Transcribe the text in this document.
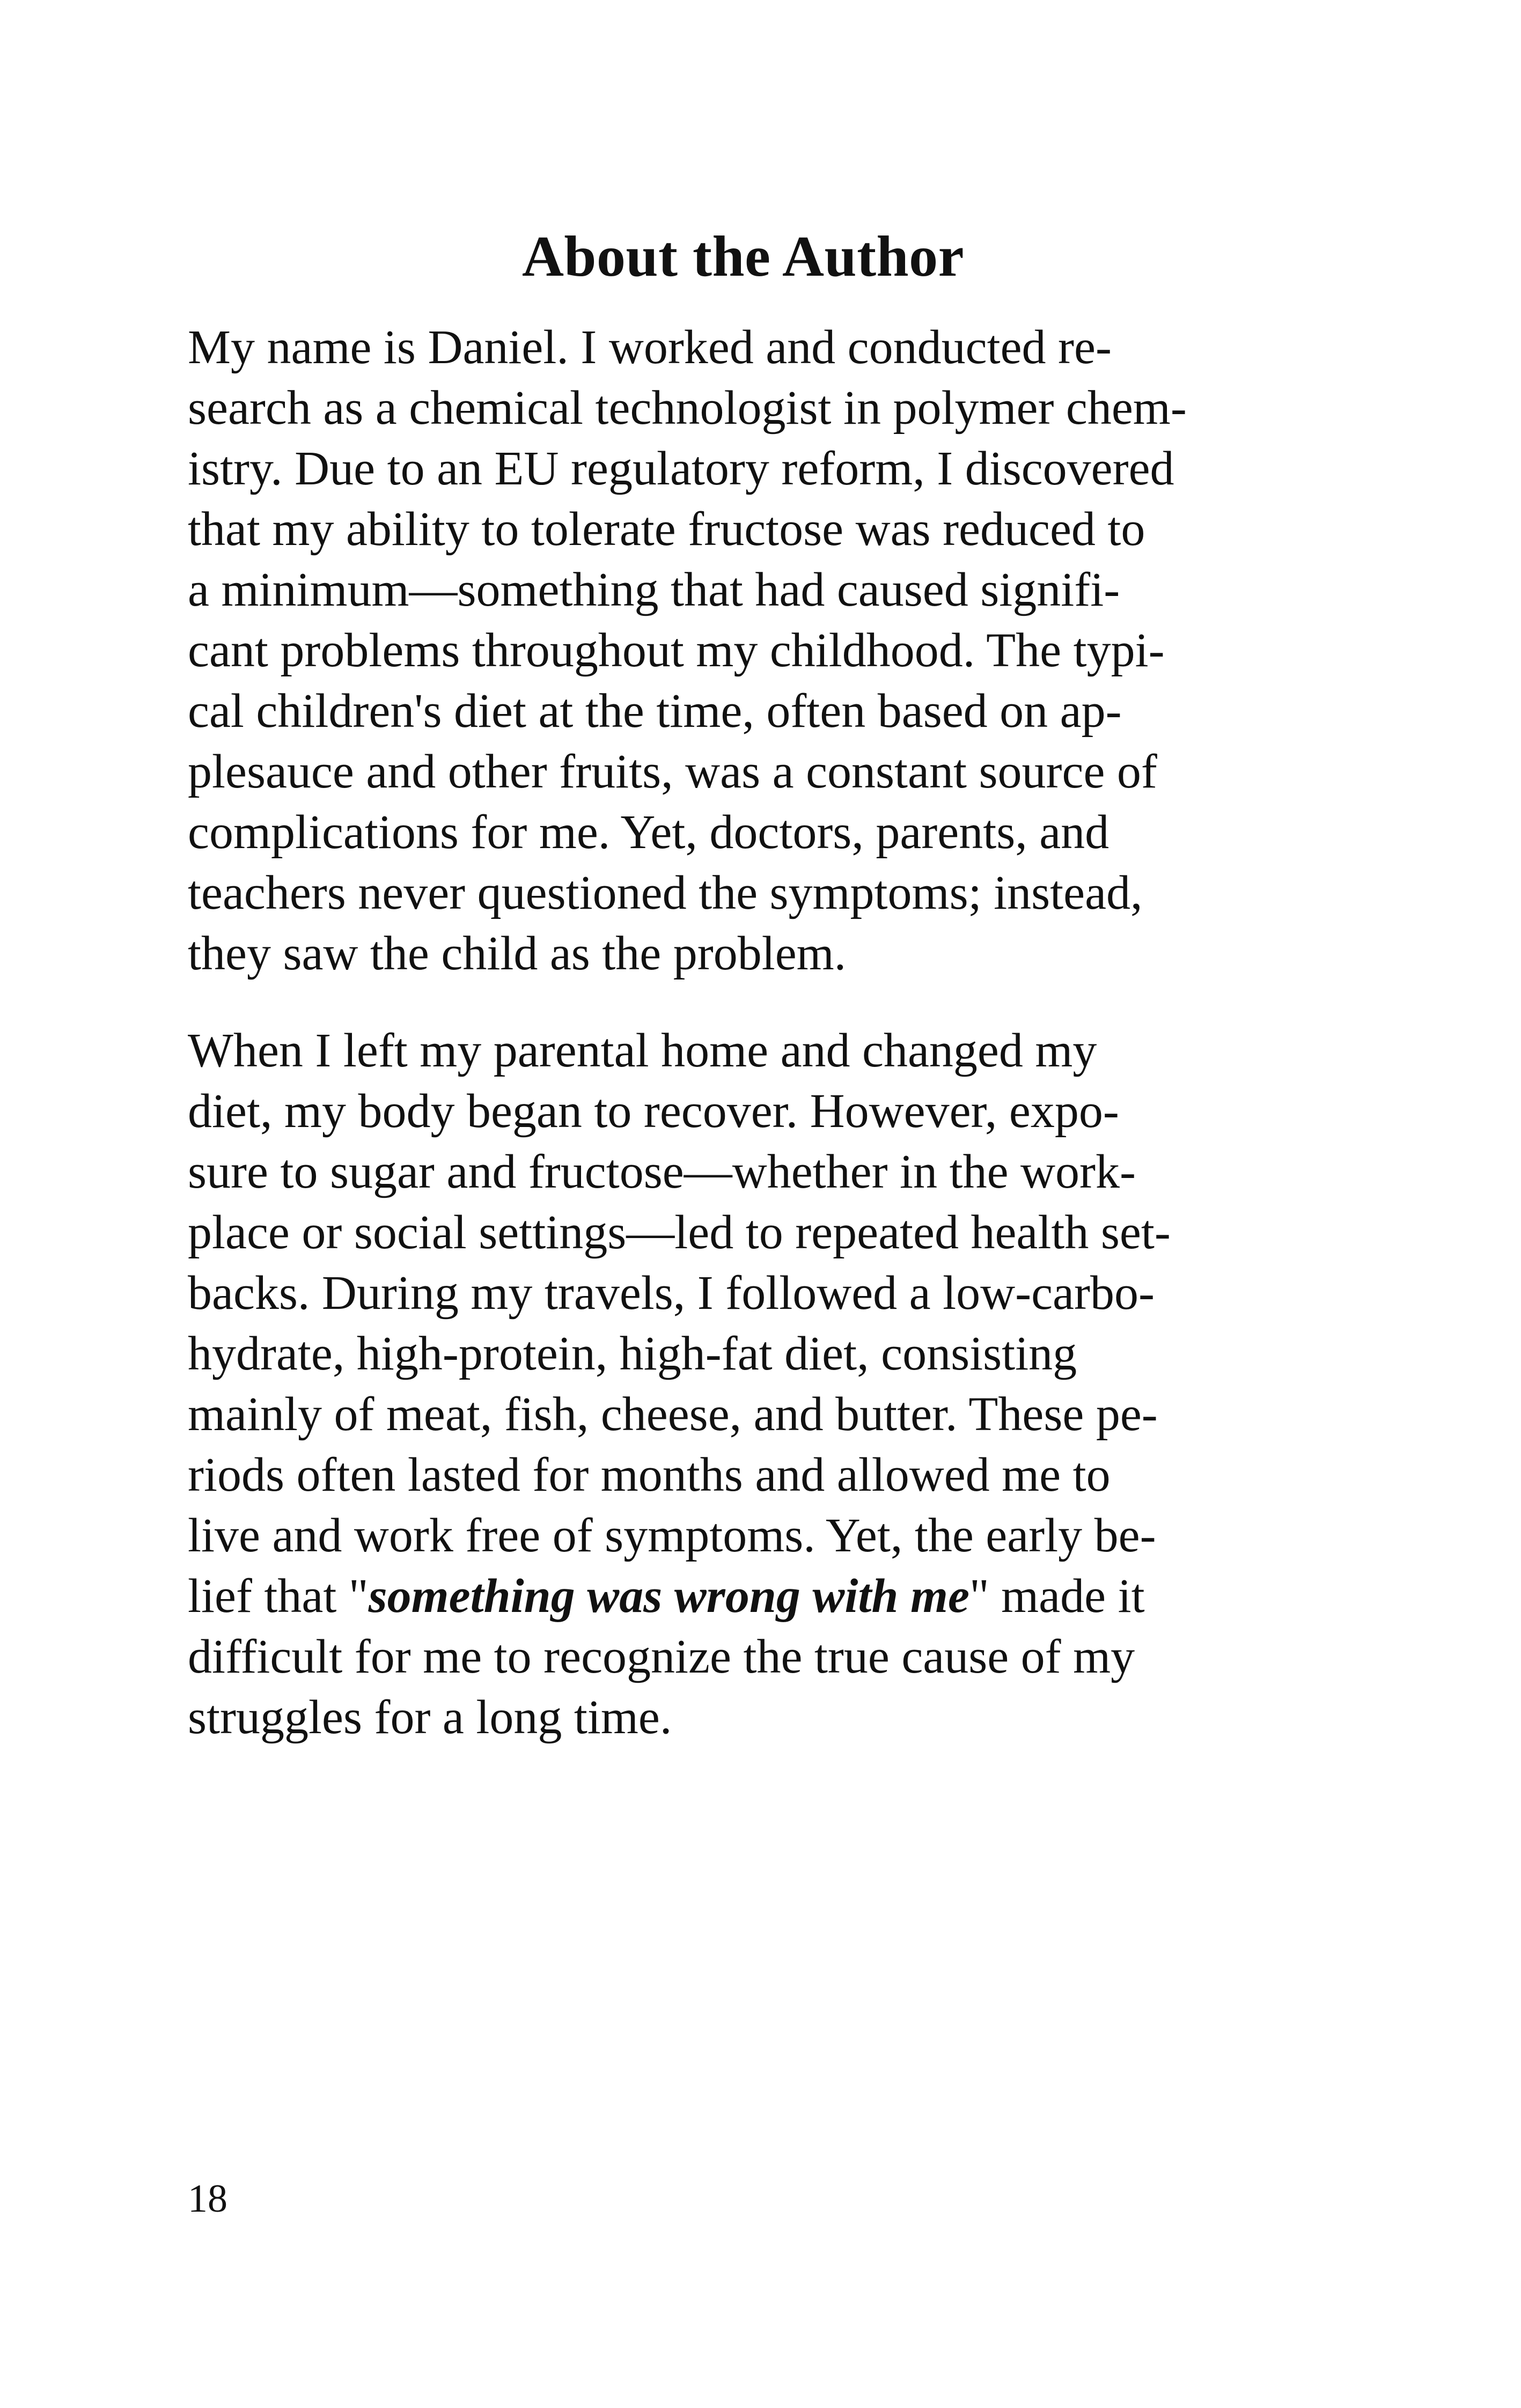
About the Author

My name is Daniel. I worked and conducted re-
search as a chemical technologist in polymer chem-
istry. Due to an EU regulatory reform, I discovered
that my ability to tolerate fructose was reduced to
a minimum—something that had caused signifi-
cant problems throughout my childhood. The typi-
cal children's diet at the time, often based on ap-
plesauce and other fruits, was a constant source of
complications for me. Yet, doctors, parents, and
teachers never questioned the symptoms; instead,
they saw the child as the problem.

When I left my parental home and changed my
diet, my body began to recover. However, expo-
sure to sugar and fructose—whether in the work-
place or social settings—led to repeated health set-
backs. During my travels, I followed a low-carbo-
hydrate, high-protein, high-fat diet, consisting
mainly of meat, fish, cheese, and butter. These pe-
riods often lasted for months and allowed me to
live and work free of symptoms. Yet, the early be-
lief that "something was wrong with me" made it
difficult for me to recognize the true cause of my
struggles for a long time.

18
